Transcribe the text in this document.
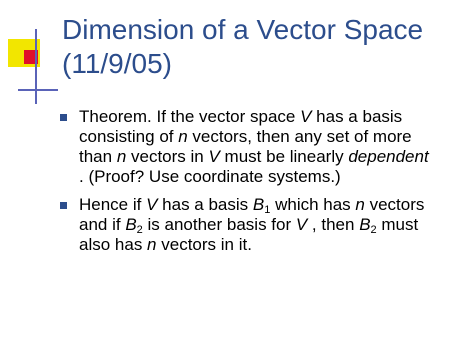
Dimension of a Vector Space
(11/9/05)
Theorem. If the vector space V has a basis consisting of n vectors, then any set of more than n vectors in V must be linearly dependent . (Proof? Use coordinate systems.)
Hence if V has a basis $B_1$ which has n vectors and if $B_2$ is another basis for V , then $B_2$ must also has n vectors in it.
